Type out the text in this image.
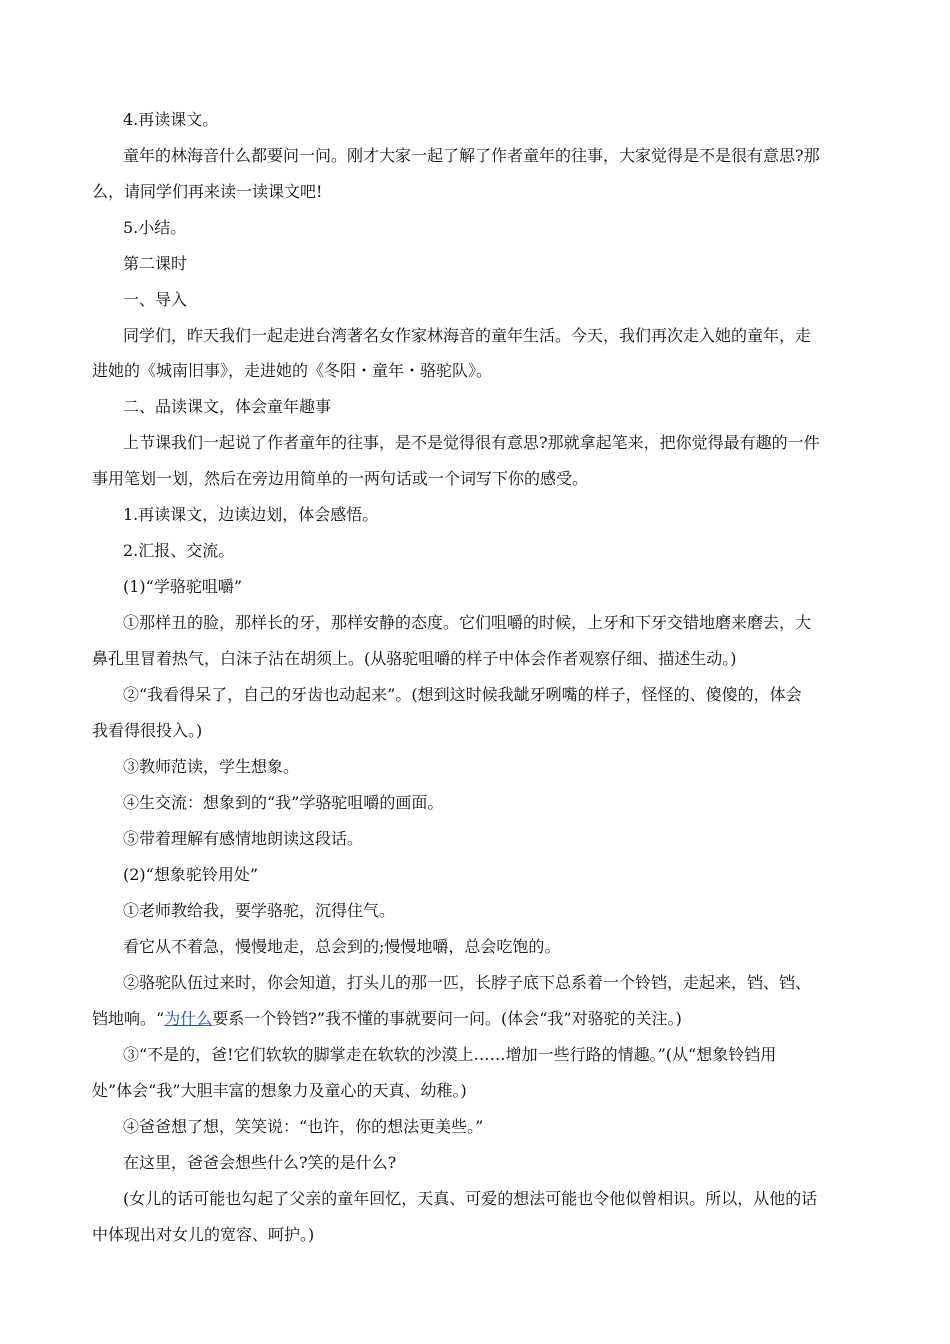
4.再读课文。
童年的林海音什么都要问一问。刚才大家一起了解了作者童年的往事，大家觉得是不是很有意思?那
么，请同学们再来读一读课文吧!
5.小结。
第二课时
一、导入
同学们，昨天我们一起走进台湾著名女作家林海音的童年生活。今天，我们再次走入她的童年，走
进她的《城南旧事》，走进她的《冬阳・童年・骆驼队》。
二、品读课文，体会童年趣事
上节课我们一起说了作者童年的往事，是不是觉得很有意思?那就拿起笔来，把你觉得最有趣的一件
事用笔划一划，然后在旁边用简单的一两句话或一个词写下你的感受。
1.再读课文，边读边划，体会感悟。
2.汇报、交流。
(1)“学骆驼咀嚼”
①那样丑的脸，那样长的牙，那样安静的态度。它们咀嚼的时候，上牙和下牙交错地磨来磨去，大
鼻孔里冒着热气，白沫子沾在胡须上。(从骆驼咀嚼的样子中体会作者观察仔细、描述生动。)
②“我看得呆了，自己的牙齿也动起来”。(想到这时候我龇牙咧嘴的样子，怪怪的、傻傻的，体会
我看得很投入。)
③教师范读，学生想象。
④生交流：想象到的“我”学骆驼咀嚼的画面。
⑤带着理解有感情地朗读这段话。
(2)“想象驼铃用处”
①老师教给我，要学骆驼，沉得住气。
看它从不着急，慢慢地走，总会到的;慢慢地嚼，总会吃饱的。
②骆驼队伍过来时，你会知道，打头儿的那一匹，长脖子底下总系着一个铃铛，走起来，铛、铛、
铛地响。“为什么要系一个铃铛?”我不懂的事就要问一问。(体会“我”对骆驼的关注。)
③“不是的，爸!它们软软的脚掌走在软软的沙漠上……增加一些行路的情趣。”(从“想象铃铛用
处”体会“我”大胆丰富的想象力及童心的天真、幼稚。)
④爸爸想了想，笑笑说：“也许，你的想法更美些。”
在这里，爸爸会想些什么?笑的是什么?
(女儿的话可能也勾起了父亲的童年回忆，天真、可爱的想法可能也令他似曾相识。所以，从他的话
中体现出对女儿的宽容、呵护。)
